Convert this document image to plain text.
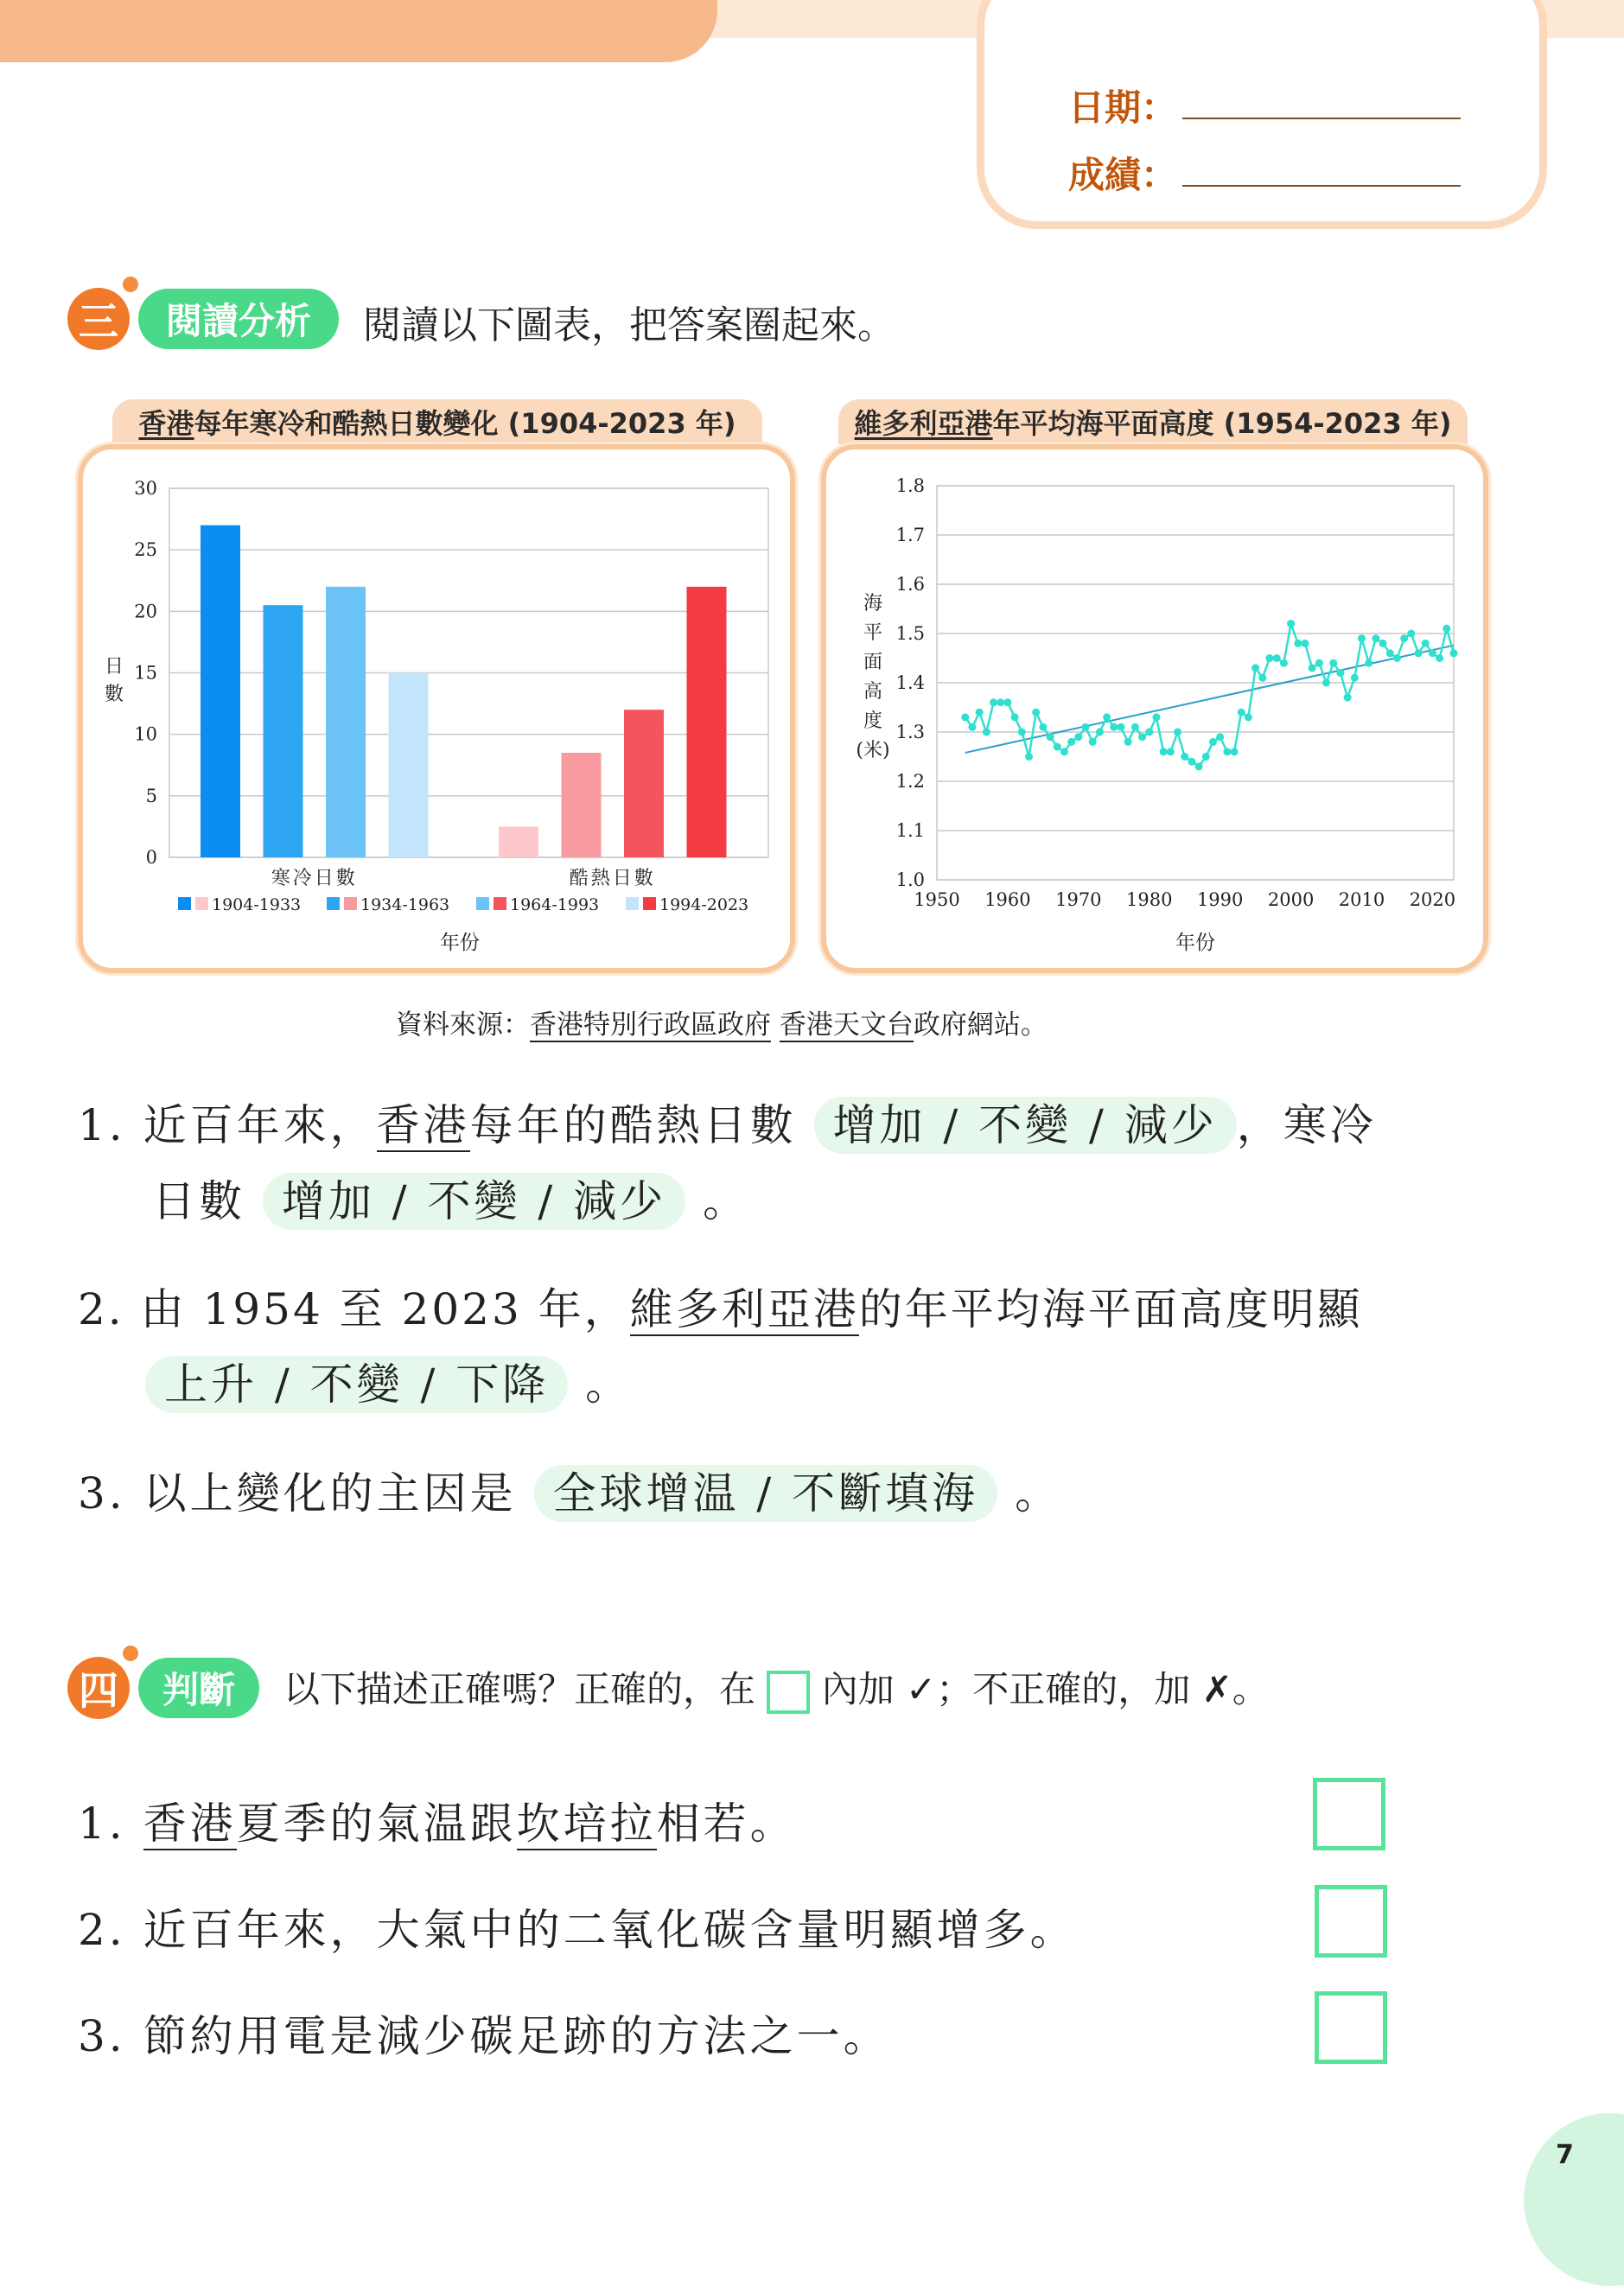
日期：
成績：
三	閱讀分析	閱讀以下圖表，把答案圈起來。
香港 每年寒冷和酷熱日數變化 (1904-2023 年)
0
5
10
15
20
25
30
日
數
寒冷日數	酷熱日數
1904-1933	1934-1963	1964-1993	1994-2023
年份
維多利亞港 年平均海平面高度 (1954-2023 年)
1.0
1.1
1.2
1.3
1.4
1.5
1.6
1.7
1.8
1950 1960 1970 1980 1990 2000 2010 2020
海
平
面
高
度
(米)
年份
資料來源：香港特別行政區政府 香港天文台政府網站。
1. 近百年來，香港每年的酷熱日數 增加 / 不變 / 減少 ，寒冷
日數 增加 / 不變 / 減少 。
2. 由 1954 至 2023 年，維多利亞港的年平均海平面高度明顯
上升 / 不變 / 下降 。
3. 以上變化的主因是 全球增温 / 不斷填海 。
四	判斷	以下描述正確嗎？正確的，在 內加 ✓；不正確的，加 ✗。
1. 香港夏季的氣温跟坎培拉相若。
2. 近百年來，大氣中的二氧化碳含量明顯增多。
3. 節約用電是減少碳足跡的方法之一。
7
